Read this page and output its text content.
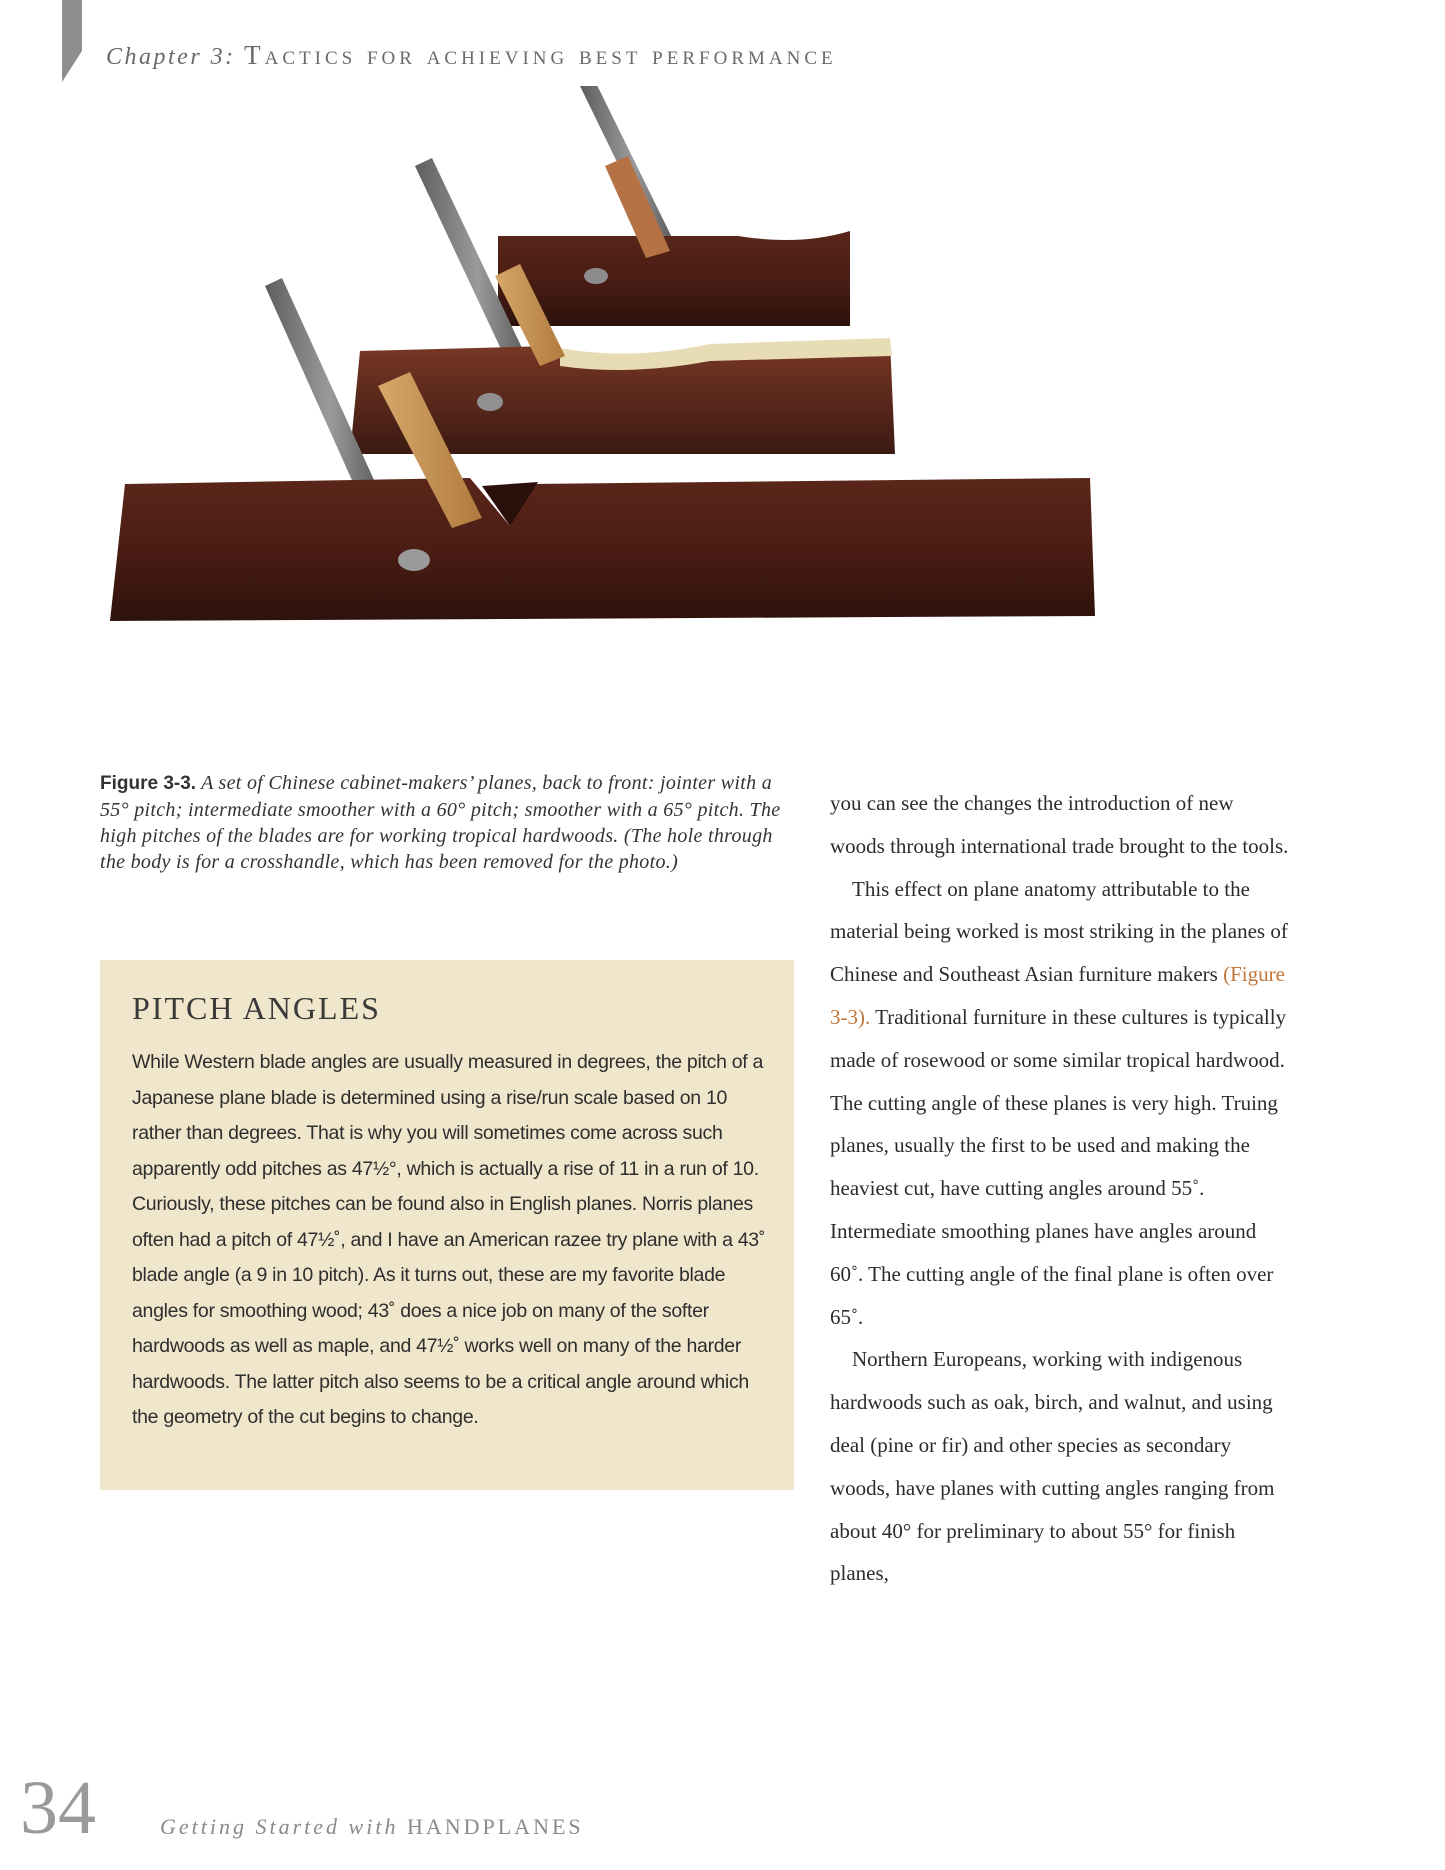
Chapter 3: Tactics for achieving best performance
Figure 3-3. A set of Chinese cabinet-makers’ planes, back to front: jointer with a 55° pitch; intermediate smoother with a 60° pitch; smoother with a 65° pitch. The high pitches of the blades are for working tropical hardwoods. (The hole through the body is for a crosshandle, which has been removed for the photo.)
PITCH ANGLES

While Western blade angles are usually measured in degrees, the pitch of a Japanese plane blade is determined using a rise/run scale based on 10 rather than degrees. That is why you will sometimes come across such apparently odd pitches as 47½°, which is actually a rise of 11 in a run of 10. Curiously, these pitches can be found also in English planes. Norris planes often had a pitch of 47½˚, and I have an American razee try plane with a 43˚ blade angle (a 9 in 10 pitch). As it turns out, these are my favorite blade angles for smoothing wood; 43˚ does a nice job on many of the softer hardwoods as well as maple, and 47½˚ works well on many of the harder hardwoods. The latter pitch also seems to be a critical angle around which the geometry of the cut begins to change.

you can see the changes the introduction of new woods through international trade brought to the tools.

This effect on plane anatomy attributable to the material being worked is most striking in the planes of Chinese and Southeast Asian furniture makers (Figure 3-3). Traditional furniture in these cultures is typically made of rosewood or some similar tropical hardwood. The cutting angle of these planes is very high. Truing planes, usually the first to be used and making the heaviest cut, have cutting angles around 55˚. Intermediate smoothing planes have angles around 60˚. The cutting angle of the final plane is often over 65˚.

Northern Europeans, working with indigenous hardwoods such as oak, birch, and walnut, and using deal (pine or fir) and other species as secondary woods, have planes with cutting angles ranging from about 40° for preliminary to about 55° for finish planes,

34	Getting Started with HANDPLANES
